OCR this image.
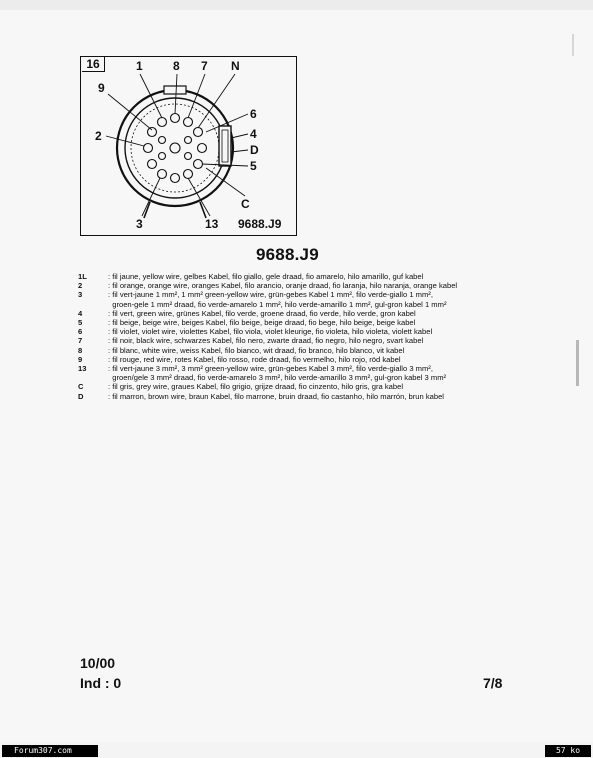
16	1	8 7 N
9
2
6
4
D
5
C
3	13 9688.J9
9688.J9
1L	: fil jaune, yellow wire, gelbes Kabel, filo giallo, gele draad, fio amarelo, hilo amarillo, guf kabel
2	: fil orange, orange wire, oranges Kabel, filo arancio, oranje draad, fio laranja, hilo naranja, orange kabel
3	: fil vert-jaune 1 mm², 1 mm² green-yellow wire, grün-gebes Kabel 1 mm², filo verde-giallo 1 mm²,
groen-gele 1 mm² draad, fio verde-amarelo 1 mm², hilo verde-amarillo 1 mm², gul-gron kabel 1 mm²
4	: fil vert, green wire, grünes Kabel, filo verde, groene draad, fio verde, hilo verde, gron kabel
5	: fil beige, beige wire, beiges Kabel, filo beige, beige draad, fio bege, hilo beige, beige kabel
6	: fil violet, violet wire, violettes Kabel, filo viola, violet kleurige, fio violeta, hilo violeta, violett kabel
7	: fil noir, black wire, schwarzes Kabel, filo nero, zwarte draad, fio negro, hilo negro, svart kabel
8	: fil blanc, white wire, weiss Kabel, filo bianco, wit draad, fio branco, hilo blanco, vit kabel
9	: fil rouge, red wire, rotes Kabel, filo rosso, rode draad, fio vermelho, hilo rojo, röd kabel
13	: fil vert-jaune 3 mm², 3 mm² green-yellow wire, grün-gebes Kabel 3 mm², filo verde-giallo 3 mm²,
groen/gele 3 mm² draad, fio verde-amarelo 3 mm², hilo verde-amarillo 3 mm², gul-gron kabel 3 mm²
C	: fil gris, grey wire, graues Kabel, filo grigio, grijze draad, fio cinzento, hilo gris, gra kabel
D	: fil marron, brown wire, braun Kabel, filo marrone, bruin draad, fio castanho, hilo marrón, brun kabel
10/00
Ind : 0	7/8
Forum307.com	57 ko
